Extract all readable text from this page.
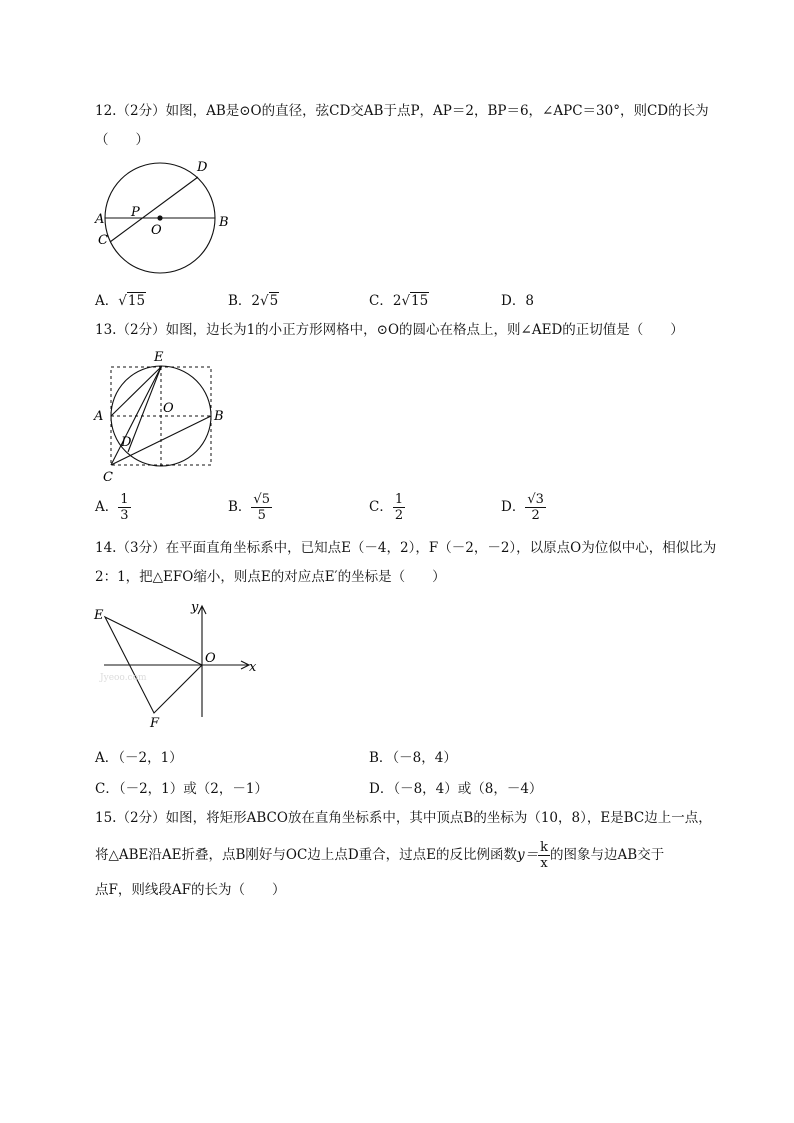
12.（2分）如图，AB是⊙O的直径，弦CD交AB于点P，AP＝2，BP＝6，∠APC＝30°，则CD的长为
（　　）
A	B
C
D
P
O
A．√15	B．2√5	C．2√15	D．8
13.（2分）如图，边长为1的小正方形网格中，⊙O的圆心在格点上，则∠AED的正切值是（　　）
E
A
O
B
D
C
A． $\frac{1}{3}$	B． $\frac{√5}{5}$	C． $\frac{1}{2}$	D． $\frac{√3}{2}$
14.（3分）在平面直角坐标系中，已知点E（－4，2），F（－2，－2），以原点O为位似中心，相似比为
2：1，把△EFO缩小，则点E的对应点E′的坐标是（　　）
E
y
O
x
F
Jyeoo.com
A．（－2，1）	B．（－8，4）
C．（－2，1）或（2，－1）	D．（－8，4）或（8，－4）
15.（2分）如图，将矩形ABCO放在直角坐标系中，其中顶点B的坐标为（10，8），E是BC边上一点，
将△ABE沿AE折叠，点B刚好与OC边上点D重合，过点E的反比例函数$y= \frac{k}{x}$ 的图象与边AB交于
点F，则线段AF的长为（　　）
